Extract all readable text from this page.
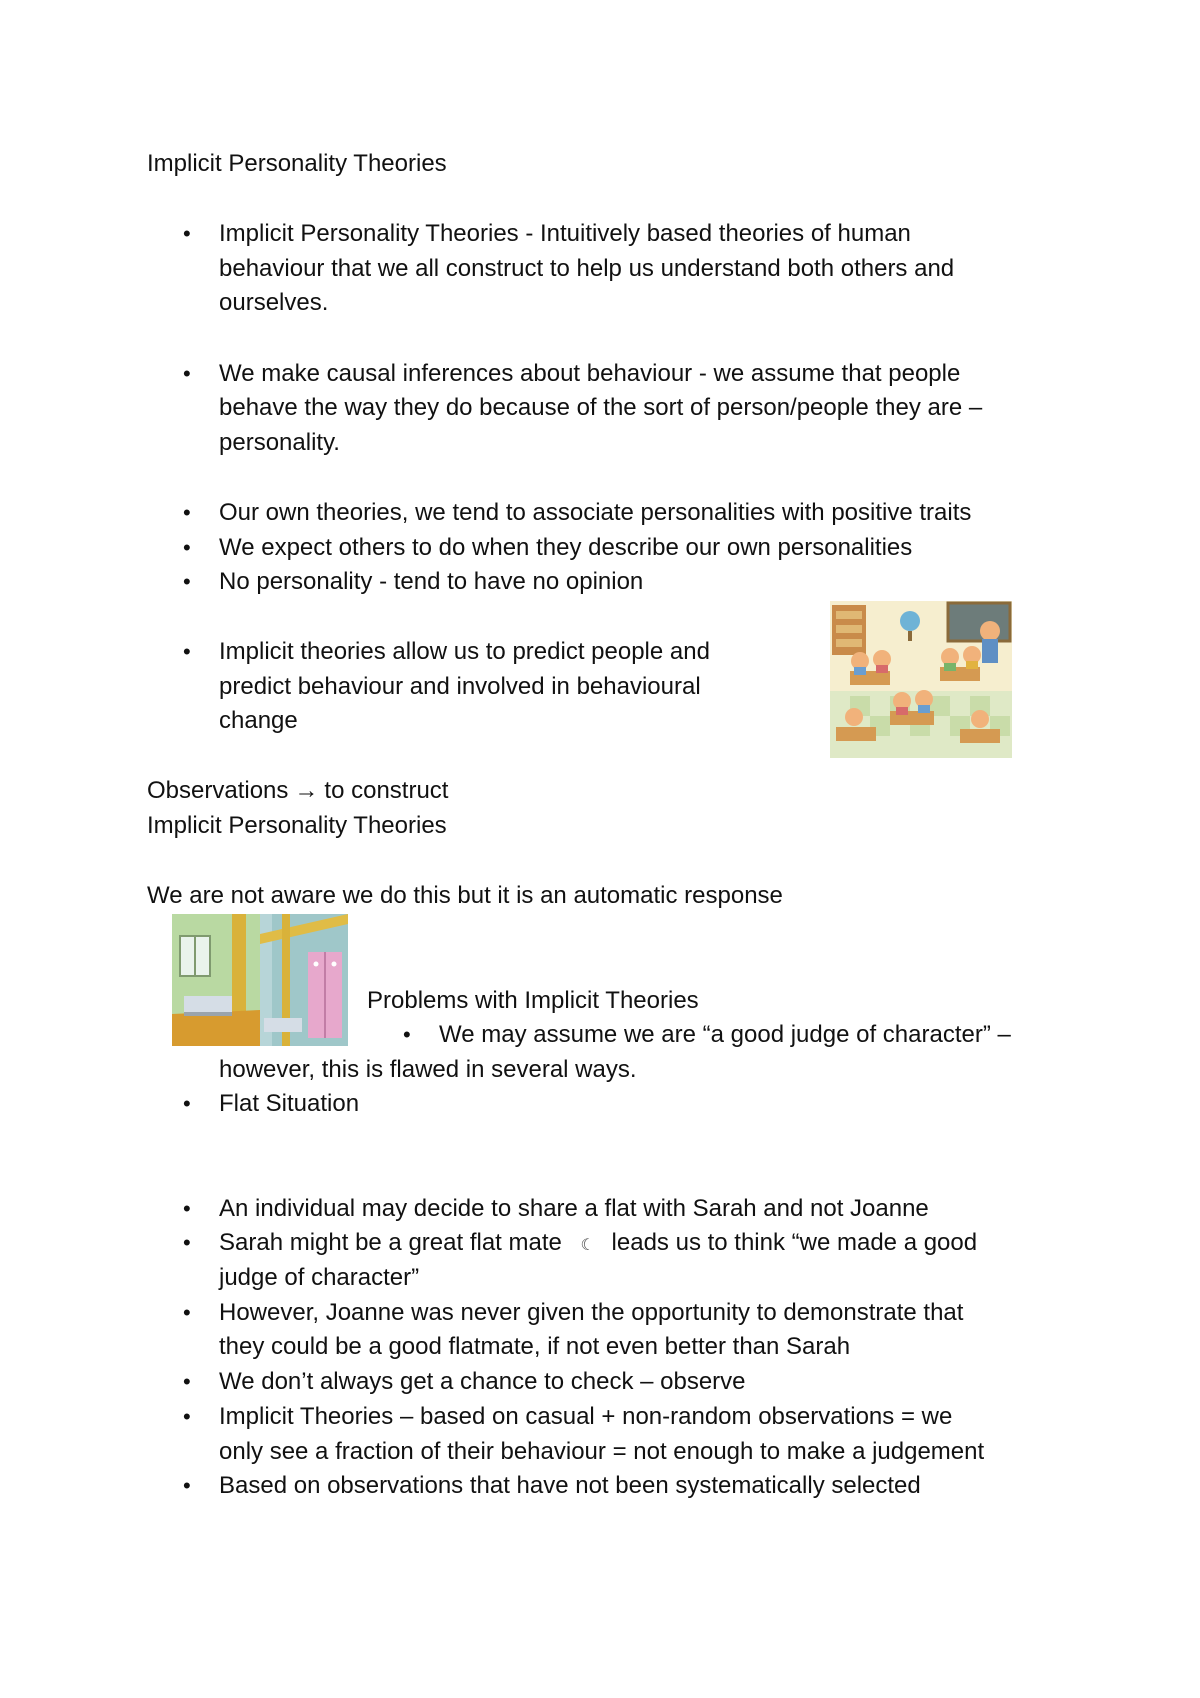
Implicit Personality Theories
• Implicit Personality Theories - Intuitively based theories of human
behaviour that we all construct to help us understand both others and
ourselves.
• We make causal inferences about behaviour - we assume that people
behave the way they do because of the sort of person/people they are –
personality.
• Our own theories, we tend to associate personalities with positive traits
• We expect others to do when they describe our own personalities
• No personality - tend to have no opinion
• Implicit theories allow us to predict people and
predict behaviour and involved in behavioural
change
Observations → to construct
Implicit Personality Theories
We are not aware we do this but it is an automatic response
Problems with Implicit Theories
• We may assume we are “a good judge of character” –
however, this is flawed in several ways.
• Flat Situation
• An individual may decide to share a flat with Sarah and not Joanne
• Sarah might be a great flat mate ☾ leads us to think “we made a good
judge of character”
• However, Joanne was never given the opportunity to demonstrate that
they could be a good flatmate, if not even better than Sarah
• We don’t always get a chance to check – observe
• Implicit Theories – based on casual + non-random observations = we
only see a fraction of their behaviour = not enough to make a judgement
• Based on observations that have not been systematically selected
